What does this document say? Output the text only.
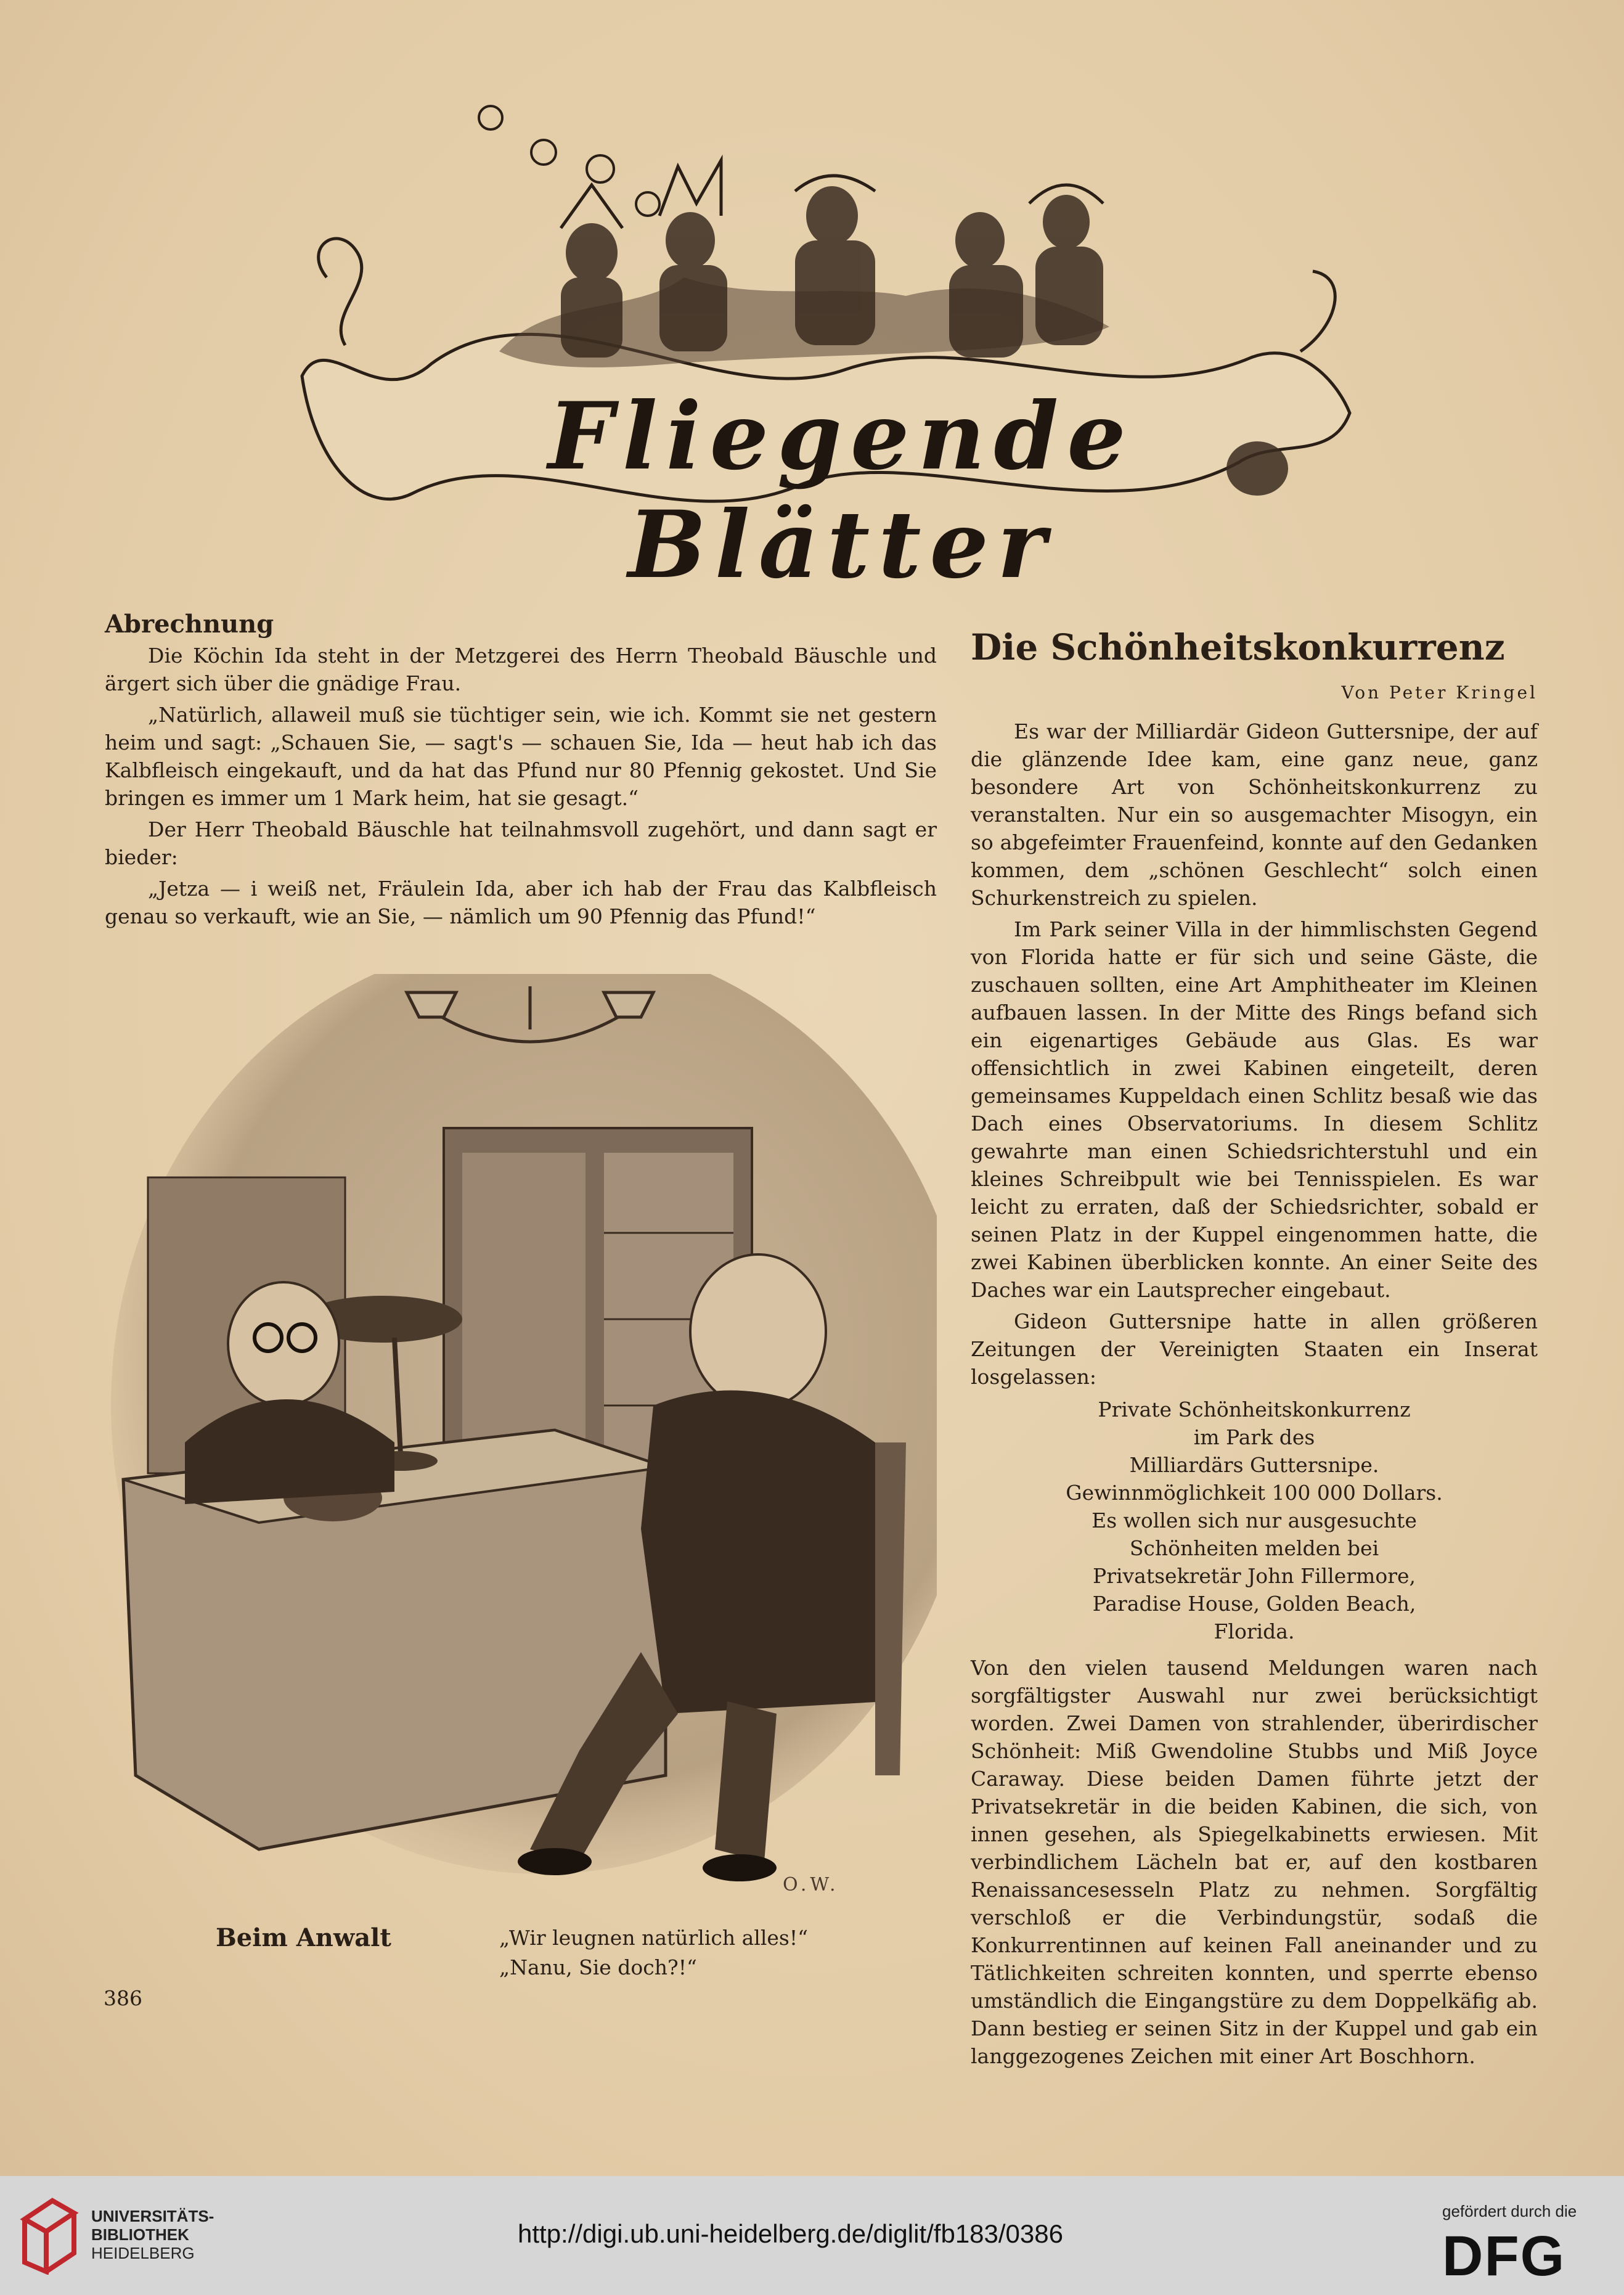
Fliegende Blätter

Abrechnung

Die Köchin Ida steht in der Metzgerei des Herrn Theobald Bäuschle und ärgert sich über die gnädige Frau.

„Natürlich, allaweil muß sie tüchtiger sein, wie ich. Kommt sie net gestern heim und sagt: „Schauen Sie, — sagt's — schauen Sie, Ida — heut hab ich das Kalbfleisch eingekauft, und da hat das Pfund nur 80 Pfennig gekostet. Und Sie bringen es immer um 1 Mark heim, hat sie gesagt.“

Der Herr Theobald Bäuschle hat teilnahmsvoll zugehört, und dann sagt er bieder:

„Jetza — i weiß net, Fräulein Ida, aber ich hab der Frau das Kalbfleisch genau so verkauft, wie an Sie, — nämlich um 90 Pfennig das Pfund!“

O.W.
Beim Anwalt	„Wir leugnen natürlich alles!“
„Nanu, Sie doch?!“
386
Die Schönheitskonkurrenz
Von Peter Kringel

Es war der Milliardär Gideon Guttersnipe, der auf die glänzende Idee kam, eine ganz neue, ganz besondere Art von Schönheitskonkurrenz zu veranstalten. Nur ein so ausgemachter Misogyn, ein so abgefeimter Frauenfeind, konnte auf den Gedanken kommen, dem „schönen Geschlecht“ solch einen Schurkenstreich zu spielen.

Im Park seiner Villa in der himmlischsten Gegend von Florida hatte er für sich und seine Gäste, die zuschauen sollten, eine Art Amphitheater im Kleinen aufbauen lassen. In der Mitte des Rings befand sich ein eigenartiges Gebäude aus Glas. Es war offensichtlich in zwei Kabinen eingeteilt, deren gemeinsames Kuppeldach einen Schlitz besaß wie das Dach eines Observatoriums. In diesem Schlitz gewahrte man einen Schiedsrichterstuhl und ein kleines Schreibpult wie bei Tennisspielen. Es war leicht zu erraten, daß der Schiedsrichter, sobald er seinen Platz in der Kuppel eingenommen hatte, die zwei Kabinen überblicken konnte. An einer Seite des Daches war ein Lautsprecher eingebaut.

Gideon Guttersnipe hatte in allen größeren Zeitungen der Vereinigten Staaten ein Inserat losgelassen:

Private Schönheitskonkurrenz
im Park des
Milliardärs Guttersnipe.
Gewinnmöglichkeit 100 000 Dollars.
Es wollen sich nur ausgesuchte
Schönheiten melden bei
Privatsekretär John Fillermore,
Paradise House, Golden Beach,
Florida.

Von den vielen tausend Meldungen waren nach sorgfältigster Auswahl nur zwei berücksichtigt worden. Zwei Damen von strahlender, überirdischer Schönheit: Miß Gwendoline Stubbs und Miß Joyce Caraway. Diese beiden Damen führte jetzt der Privatsekretär in die beiden Kabinen, die sich, von innen gesehen, als Spiegelkabinetts erwiesen. Mit verbindlichem Lächeln bat er, auf den kostbaren Renaissancesesseln Platz zu nehmen. Sorgfältig verschloß er die Verbindungstür, sodaß die Konkurrentinnen auf keinen Fall aneinander und zu Tätlichkeiten schreiten konnten, und sperrte ebenso umständlich die Eingangstüre zu dem Doppelkäfig ab. Dann bestieg er seinen Sitz in der Kuppel und gab ein langgezogenes Zeichen mit einer Art Boschhorn.

UNIVERSITÄTS-
BIBLIOTHEK
HEIDELBERG
http://digi.ub.uni-heidelberg.de/diglit/fb183/0386
gefördert durch die
DFG
